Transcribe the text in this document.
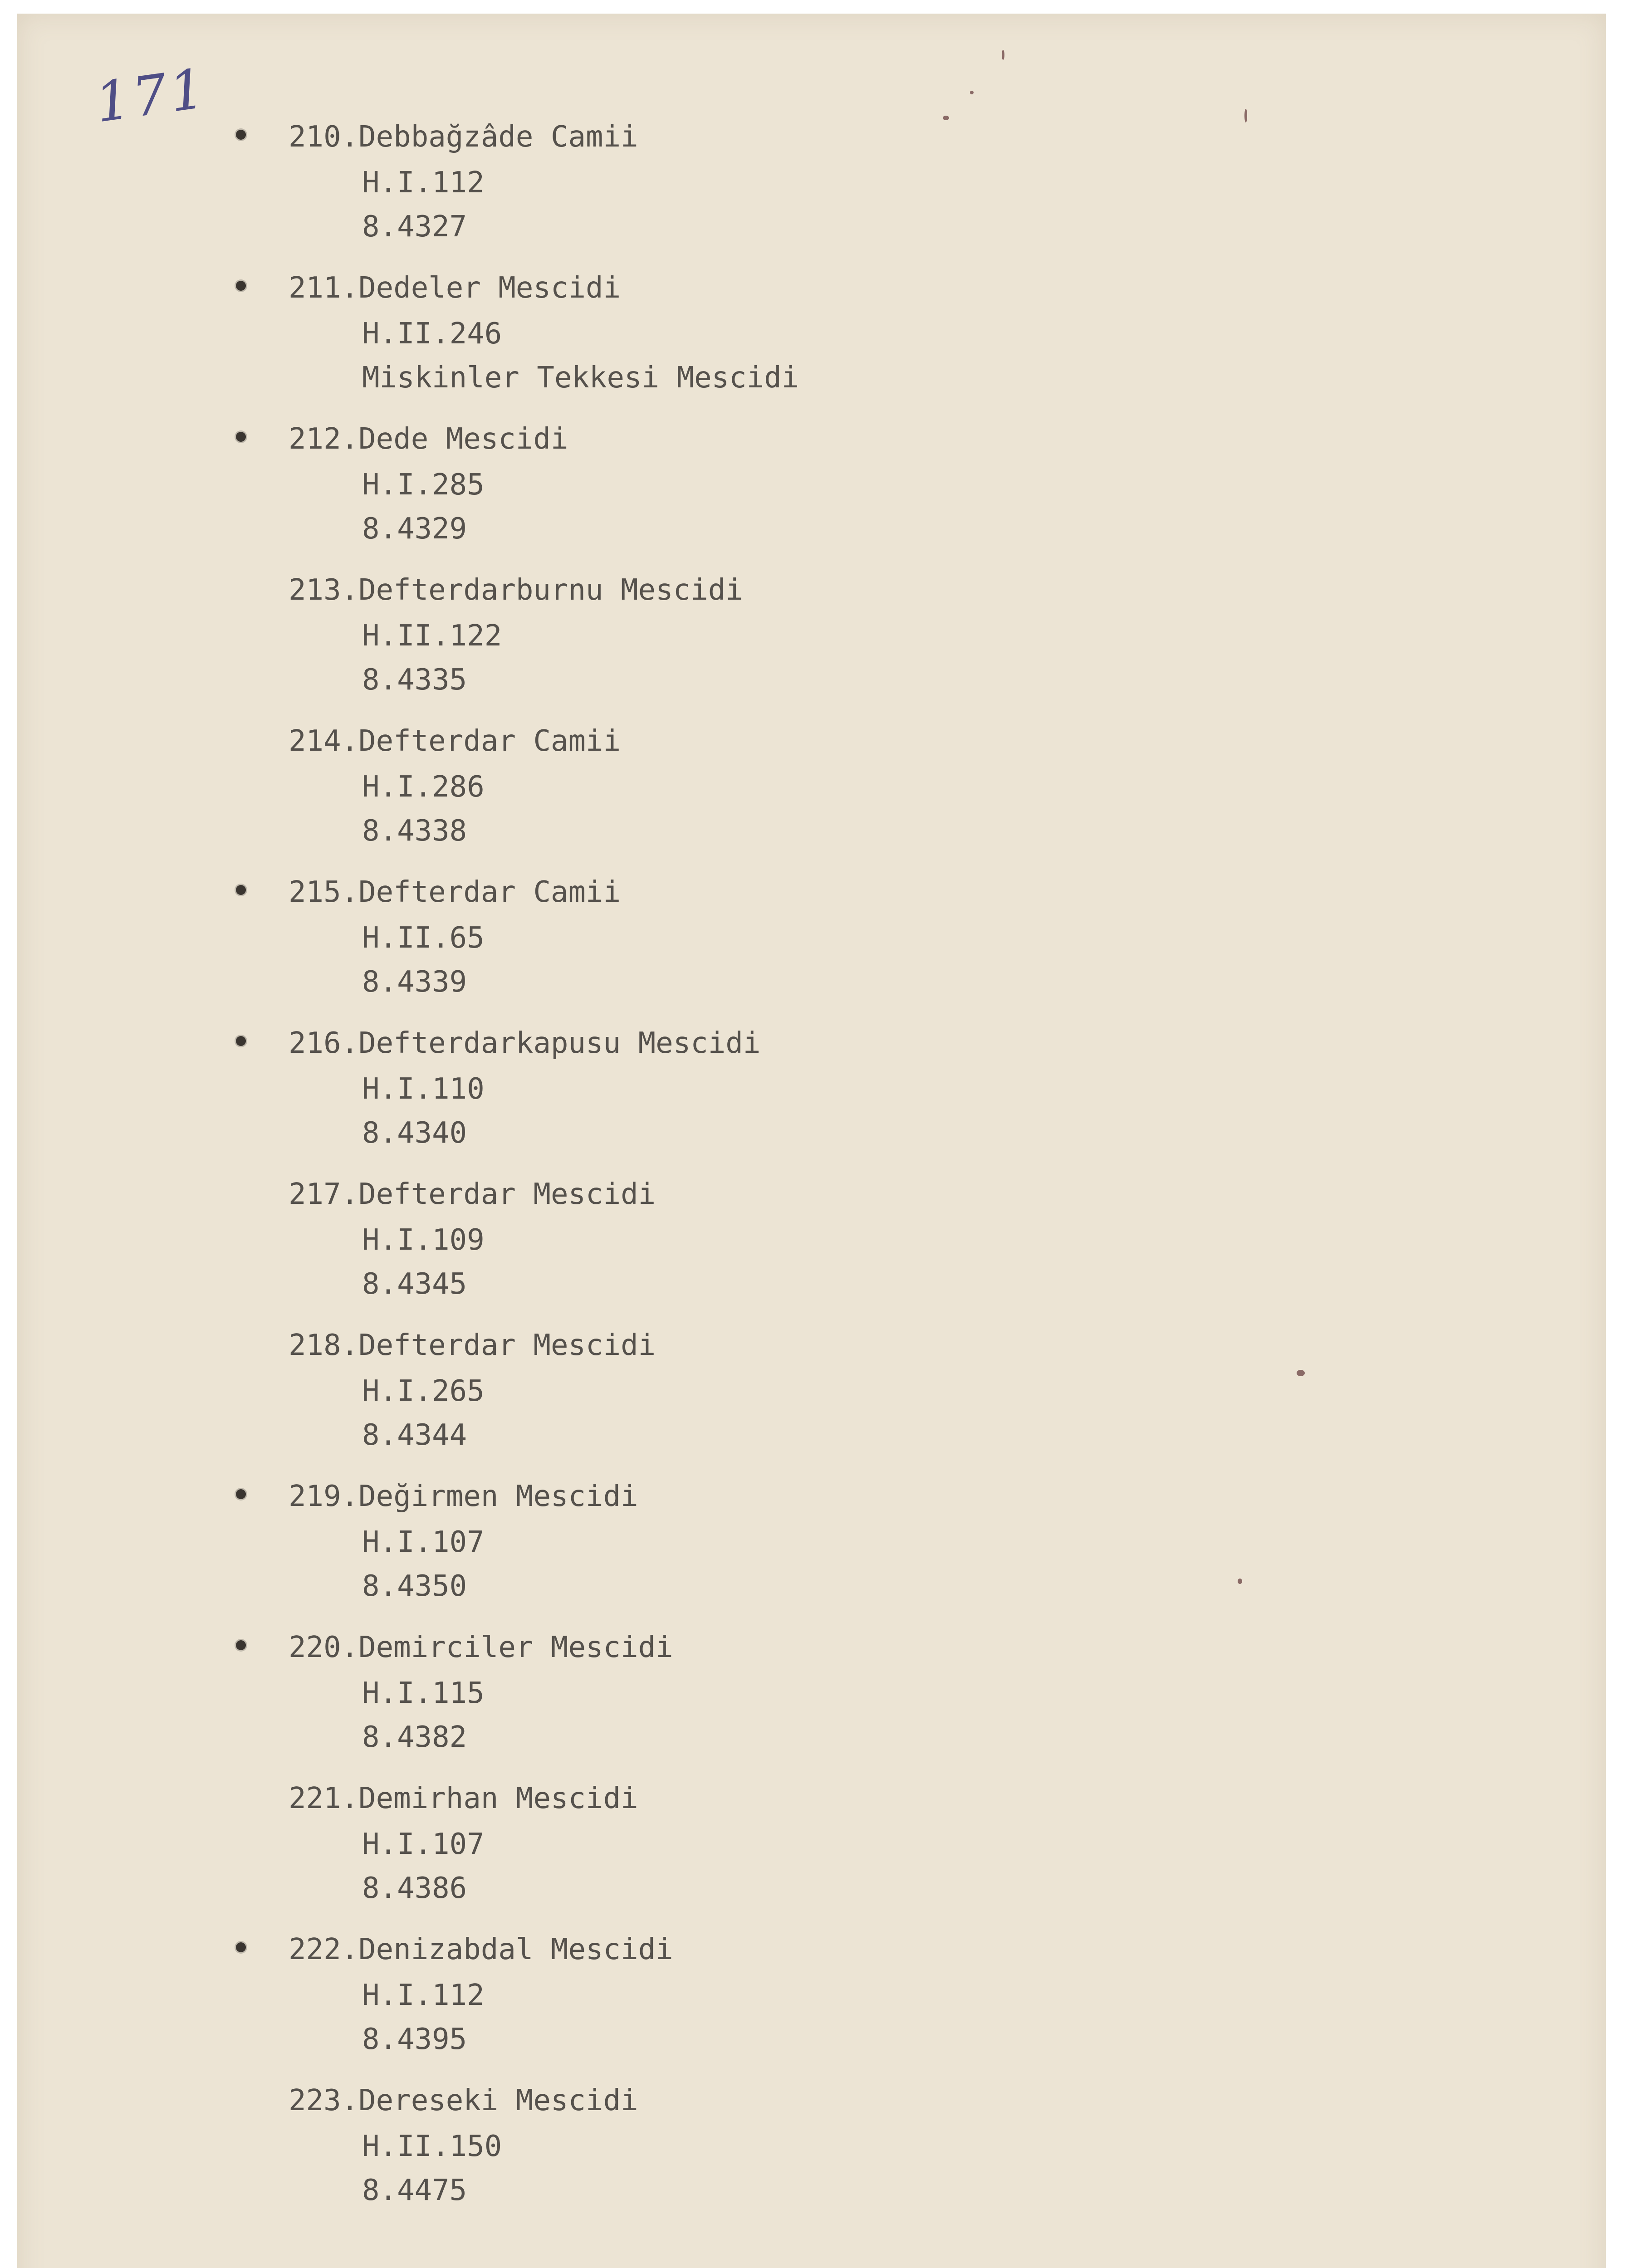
171
210.Debbağzâde Camii
H.I.112
8.4327
211.Dedeler Mescidi
H.II.246
Miskinler Tekkesi Mescidi
212.Dede Mescidi
H.I.285
8.4329
213.Defterdarburnu Mescidi
H.II.122
8.4335
214.Defterdar Camii
H.I.286
8.4338
215.Defterdar Camii
H.II.65
8.4339
216.Defterdarkapusu Mescidi
H.I.110
8.4340
217.Defterdar Mescidi
H.I.109
8.4345
218.Defterdar Mescidi
H.I.265
8.4344
219.Değirmen Mescidi
H.I.107
8.4350
220.Demirciler Mescidi
H.I.115
8.4382
221.Demirhan Mescidi
H.I.107
8.4386
222.Denizabdal Mescidi
H.I.112
8.4395
223.Dereseki Mescidi
H.II.150
8.4475
